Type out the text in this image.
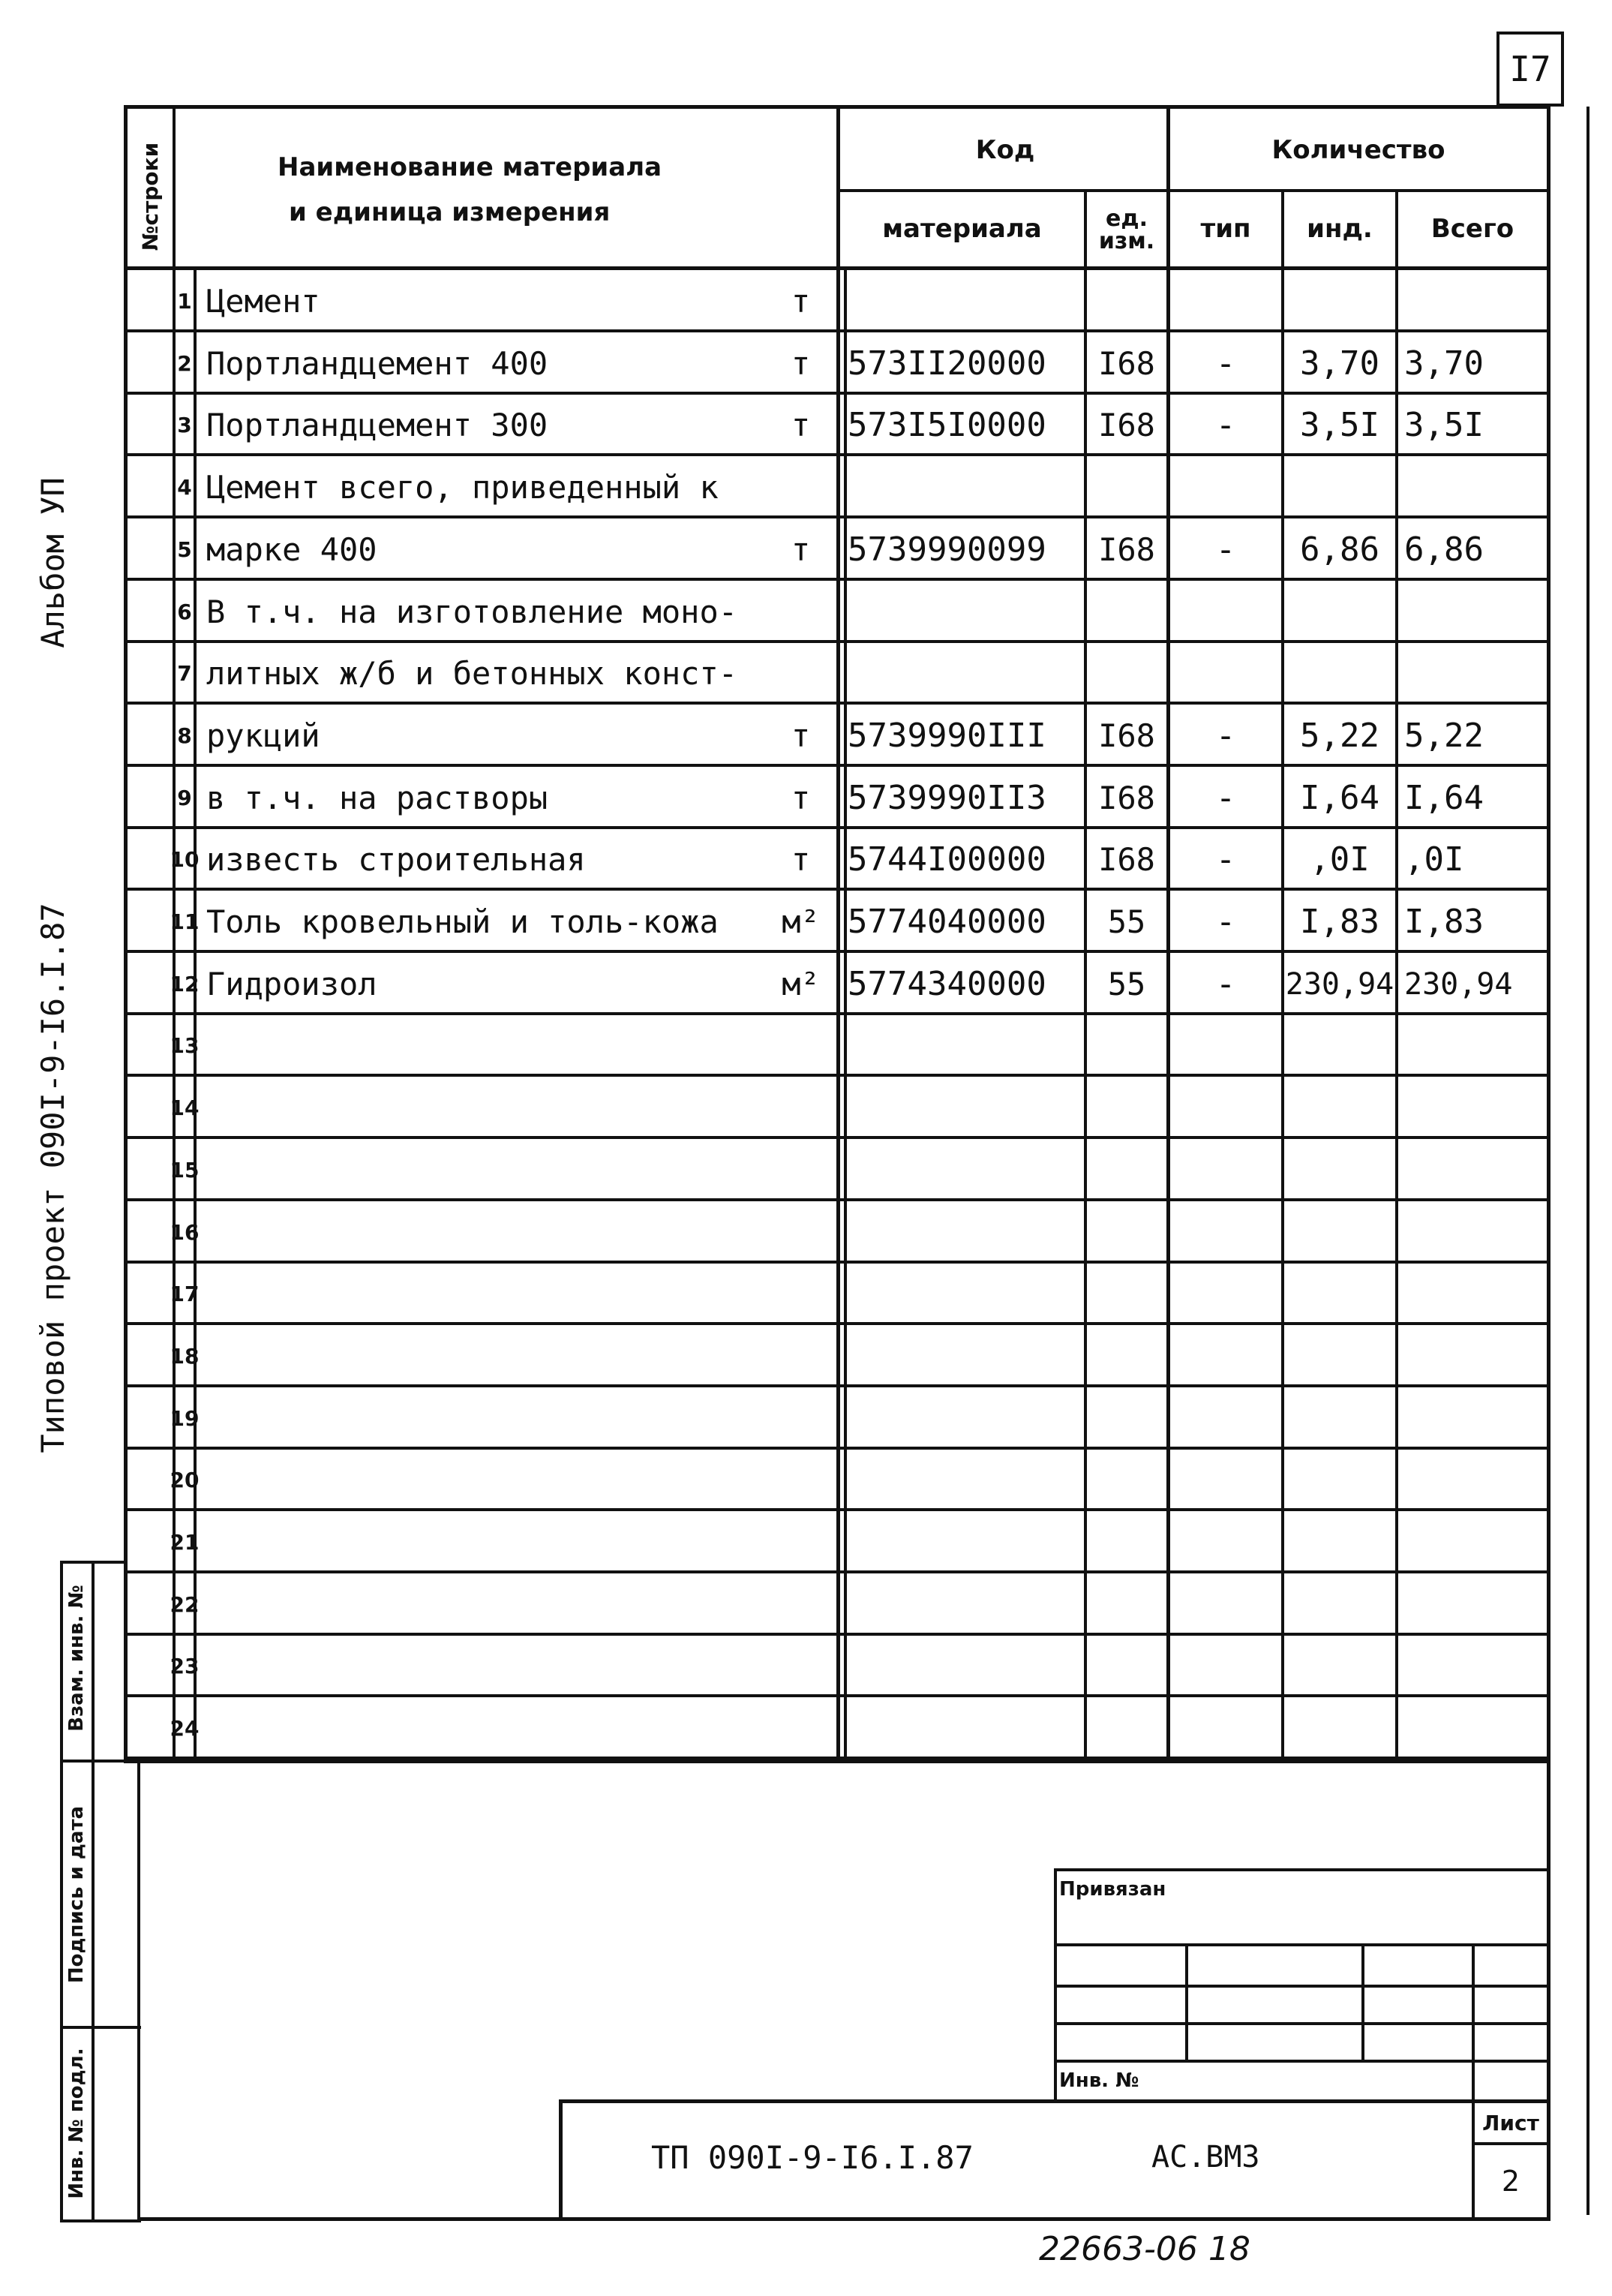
I7
№строки	Наименование материала
и единица измерения
Код
материала	ед. изм.
Количество
тип	инд.	Всего
1 Цемент	т
2 Портландцемент 400	т	573II20000	I68	-	3,70 3,70
3 Портландцемент 300	т	573I5I0000	I68	-	3,5I 3,5I
4 Цемент всего, приведенный к
5 марке 400	т	5739990099	I68	-	6,86 6,86
6 В т.ч. на изготовление моно-
7 литных ж/б и бетонных конст-
8 рукций	т	5739990III	I68	-	5,22 5,22
9 в т.ч. на растворы	т	5739990II3	I68	-	I,64 I,64
10 известь строительная	т	5744I00000	I68	-	,0I	,0I
11 Толь кровельный и толь-кожа	м² 5774040000	55	-	I,83 I,83
12 Гидроизол	м² 5774340000	55	-	230,94 230,94
13
14
15
16
17
18
19
20
21
22
23
24
Альбом УП
Типовой проект 090I-9-I6.I.87
Взам. инв. №
Подпись и дата
Инв. № подл.
Привязан
Инв. №
ТП 090I-9-I6.I.87	АС.ВМЗ
Лист
2
22663-06 18
